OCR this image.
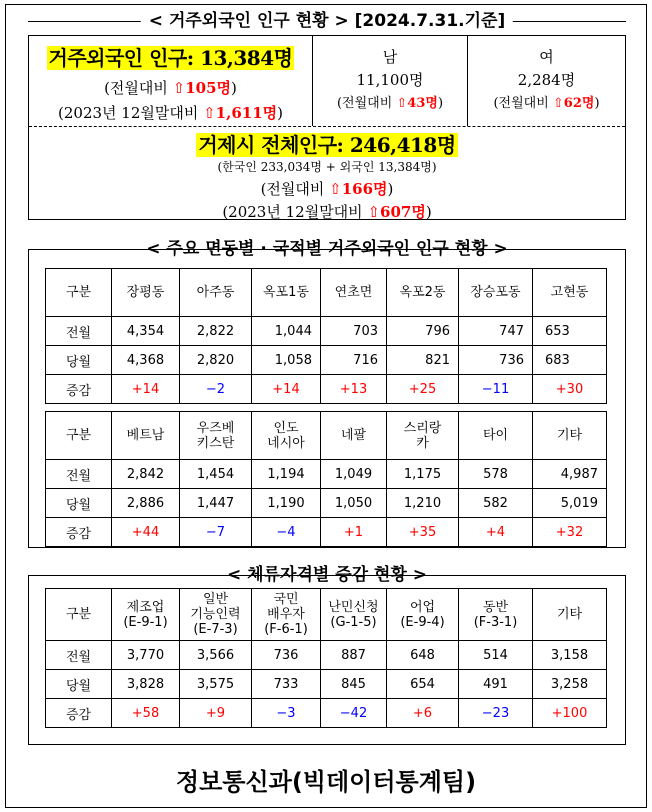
< 거주외국인 인구 현황 > [2024.7.31.기준]
거주외국인 인구: 13,384명
(전월대비 ⇧105명)
(2023년 12월말대비 ⇧1,611명)
남
11,100명
(전월대비 ⇧43명)
여
2,284명
(전월대비 ⇧62명)
거제시 전체인구: 246,418명
(한국인 233,034명 + 외국인 13,384명)
(전월대비 ⇧166명)
(2023년 12월말대비 ⇧607명)
< 주요 면동별 · 국적별 거주외국인 인구 현황 >
구분	장평동	아주동	옥포1동	연초면	옥포2동	장승포동	고현동

전월	4,354	2,822	1,044	703	796	747	653
당월	4,368	2,820	1,058	716	821	736	683
증감	+14	−2	+14	+13	+25	−11	+30
구분	베트남	우즈베
키스탄	인도
네시아	네팔	스리랑
카	타이	기타

전월	2,842	1,454	1,194	1,049	1,175	578	4,987
당월	2,886	1,447	1,190	1,050	1,210	582	5,019
증감	+44	−7	−4	+1	+35	+4	+32
< 체류자격별 증감 현황 >
구분	제조업
(E-9-1)	일반
기능인력
(E-7-3)	국민
배우자
(F-6-1)	난민신청
(G-1-5)	어업
(E-9-4)	동반
(F-3-1)	기타

전월	3,770	3,566	736	887	648	514	3,158
당월	3,828	3,575	733	845	654	491	3,258
증감	+58	+9	−3	−42	+6	−23	+100
정보통신과(빅데이터통계팀)
